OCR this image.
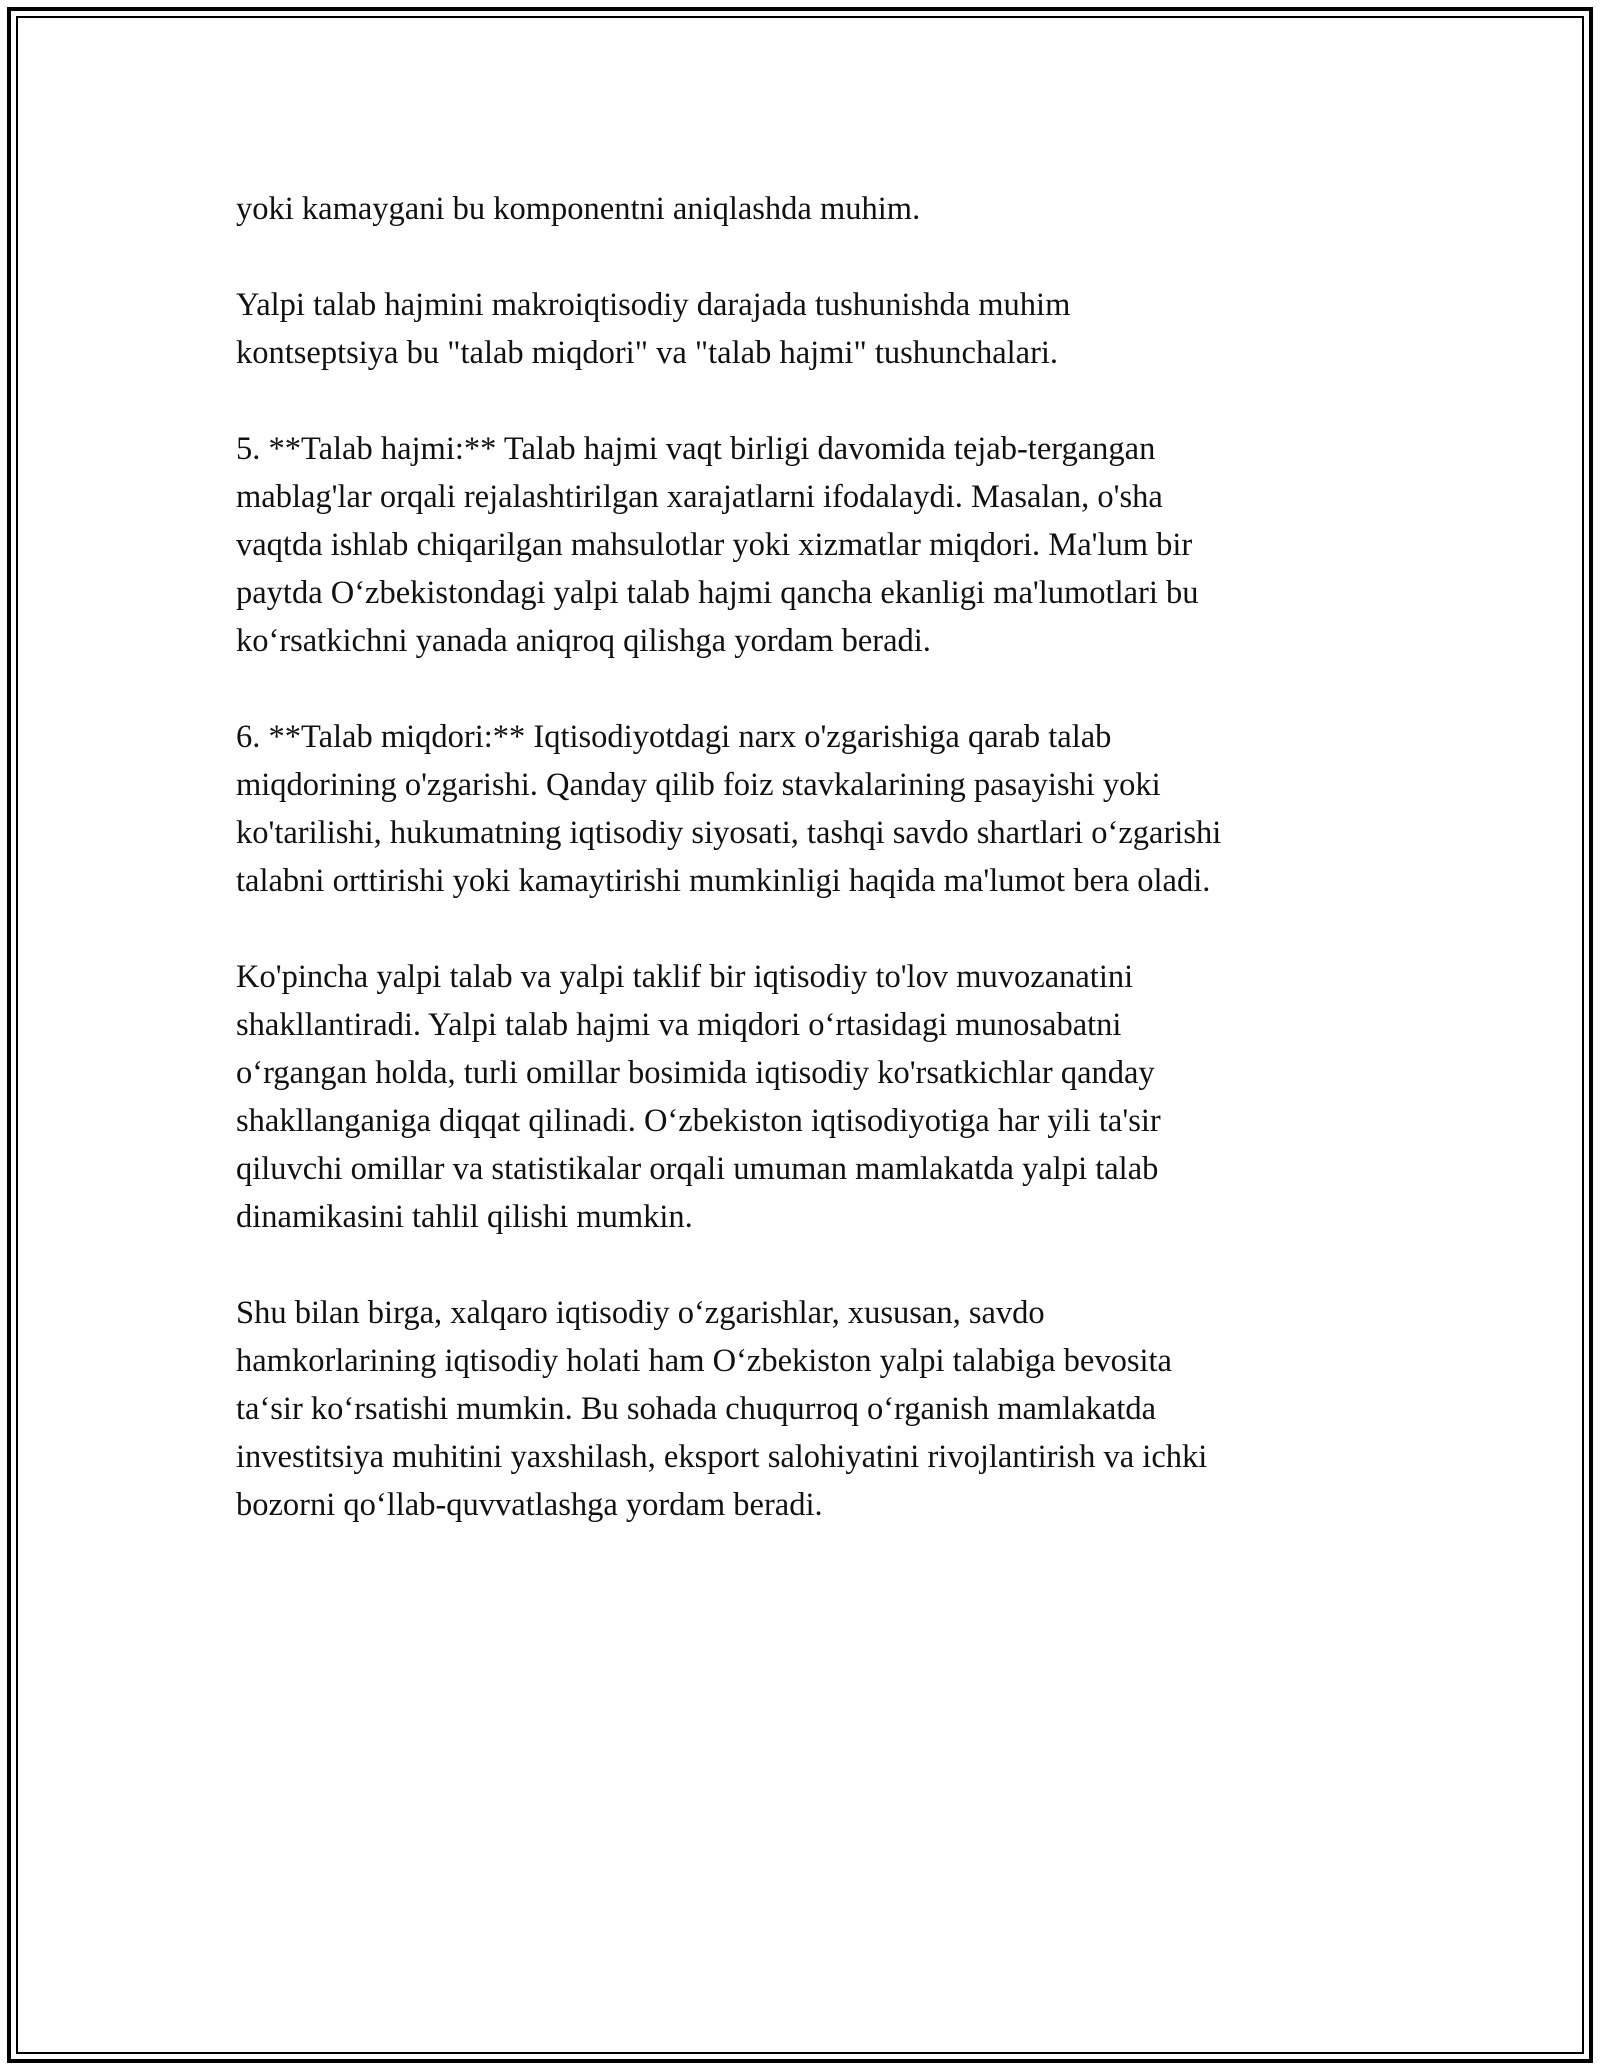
yoki kamaygani bu komponentni aniqlashda muhim.

Yalpi talab hajmini makroiqtisodiy darajada tushunishda muhim
kontseptsiya bu "talab miqdori" va "talab hajmi" tushunchalari.

5. **Talab hajmi:** Talab hajmi vaqt birligi davomida tejab-tergangan
mablag'lar orqali rejalashtirilgan xarajatlarni ifodalaydi. Masalan, o'sha
vaqtda ishlab chiqarilgan mahsulotlar yoki xizmatlar miqdori. Ma'lum bir
paytda O‘zbekistondagi yalpi talab hajmi qancha ekanligi ma'lumotlari bu
ko‘rsatkichni yanada aniqroq qilishga yordam beradi.

6. **Talab miqdori:** Iqtisodiyotdagi narx o'zgarishiga qarab talab
miqdorining o'zgarishi. Qanday qilib foiz stavkalarining pasayishi yoki
ko'tarilishi, hukumatning iqtisodiy siyosati, tashqi savdo shartlari o‘zgarishi
talabni orttirishi yoki kamaytirishi mumkinligi haqida ma'lumot bera oladi.

Ko'pincha yalpi talab va yalpi taklif bir iqtisodiy to'lov muvozanatini
shakllantiradi. Yalpi talab hajmi va miqdori o‘rtasidagi munosabatni
o‘rgangan holda, turli omillar bosimida iqtisodiy ko'rsatkichlar qanday
shakllanganiga diqqat qilinadi. O‘zbekiston iqtisodiyotiga har yili ta'sir
qiluvchi omillar va statistikalar orqali umuman mamlakatda yalpi talab
dinamikasini tahlil qilishi mumkin.

Shu bilan birga, xalqaro iqtisodiy o‘zgarishlar, xususan, savdo
hamkorlarining iqtisodiy holati ham O‘zbekiston yalpi talabiga bevosita
ta‘sir ko‘rsatishi mumkin. Bu sohada chuqurroq o‘rganish mamlakatda
investitsiya muhitini yaxshilash, eksport salohiyatini rivojlantirish va ichki
bozorni qo‘llab-quvvatlashga yordam beradi.
